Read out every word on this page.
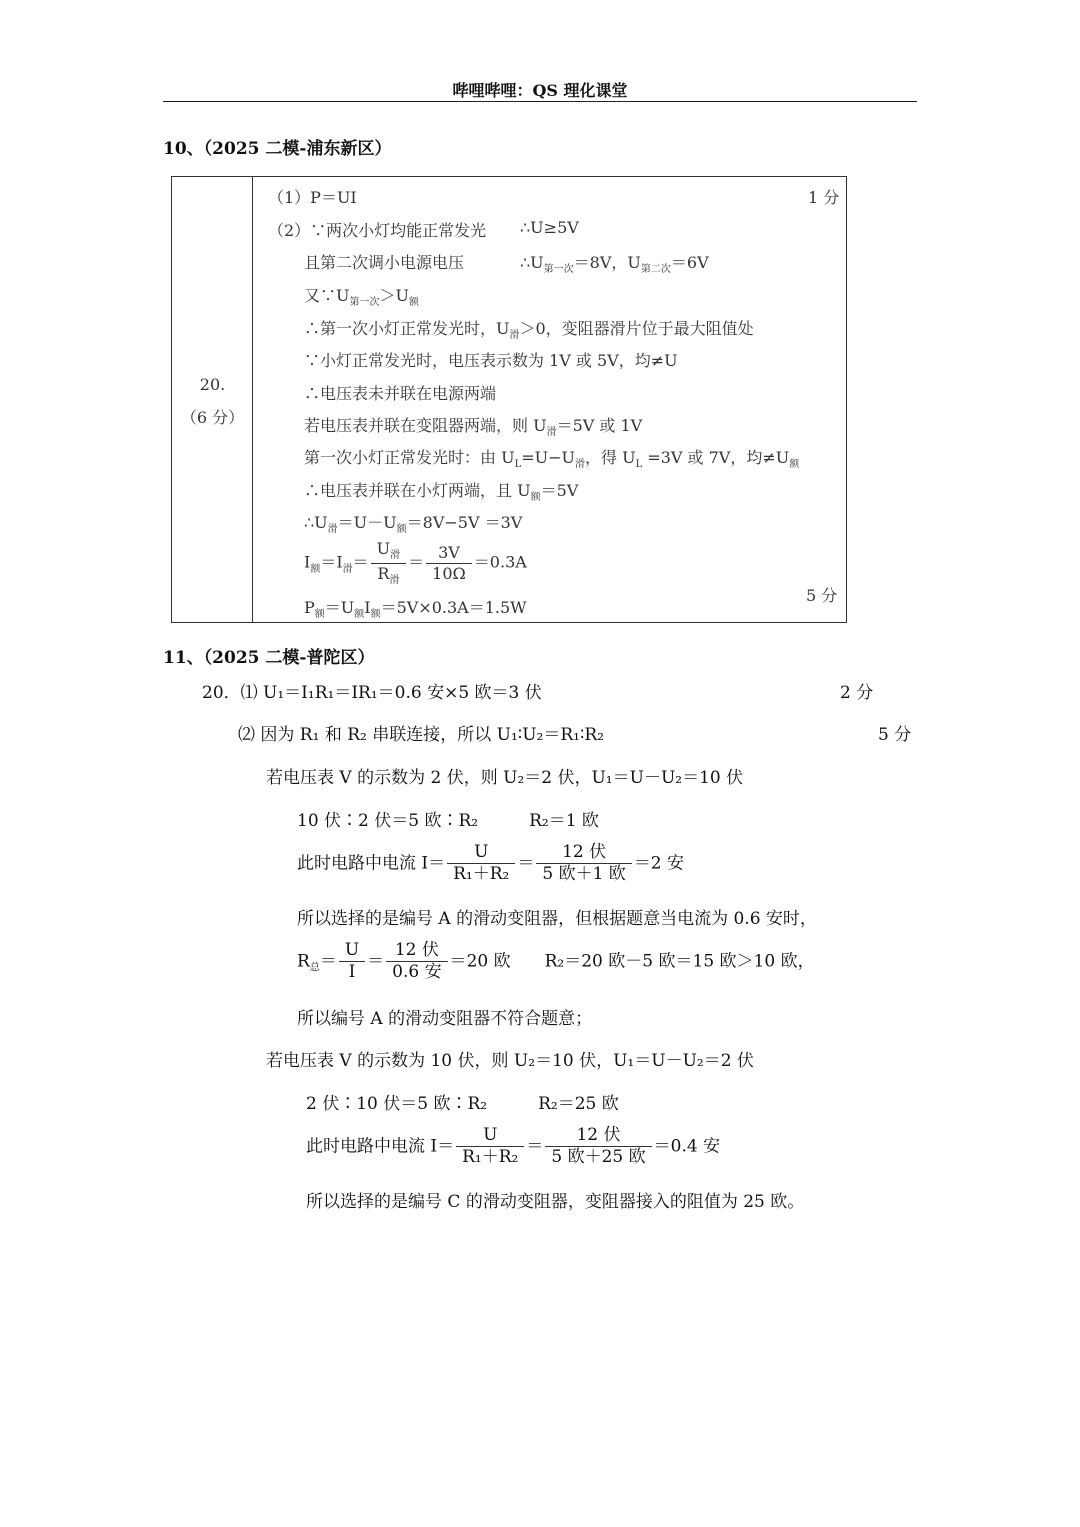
哔哩哔哩：QS 理化课堂
10、（2025 二模-浦东新区）
20.
（6 分）
（1）P＝UI	1 分
（2）∵两次小灯均能正常发光 ∴U≥5V
且第二次调小电源电压	$\therefore U_{第一次}=8V$，$U_{第二次}=6V$
又$\because U_{第一次}>U_额$
∴第一次小灯正常发光时，$U_滑>0$，变阻器滑片位于最大阻值处
∵小灯正常发光时，电压表示数为 1V 或 5V，均≠U
∴电压表未并联在电源两端
若电压表并联在变阻器两端，则 $U_滑=5V$ 或 1V
第一次小灯正常发光时：由 $U_L=U-U_滑$，得 $U_L =3V$ 或 7V，均$\ne U_额$
∴电压表并联在小灯两端，且 $U_额=5V$
$\therefore U_滑=U-U_额=8V-5V =3V$
$I_额=I_滑= \frac{U_滑}{R_滑} = \frac{3V}{10\Omega} =0.3A$
5 分
$P_额=U_额I_额=5V\times 0.3A=1.5W$
11、（2025 二模-普陀区）
20．⑴ U₁＝I₁R₁＝IR₁＝0.6 安×5 欧＝3 伏	2 分
⑵ 因为 R₁ 和 R₂ 串联连接，所以 U₁∶U₂＝R₁∶R₂	5 分
若电压表 V 的示数为 2 伏，则 U₂＝2 伏，U₁＝U－U₂＝10 伏
10 伏∶2 伏＝5 欧∶R₂　　　R₂＝1 欧
此时电路中电流 $I= \frac{U}{\text{R₁＋R₂}} = \frac{\text{12 伏}}{\text{5 欧＋1 欧}} =2$ 安
所以选择的是编号 A 的滑动变阻器，但根据题意当电流为 0.6 安时，
$R_总= \frac{U}{I} = \frac{\text{12 伏}}{\text{0.6 安}} =20$ 欧　　R₂＝20 欧－5 欧＝15 欧＞10 欧，
所以编号 A 的滑动变阻器不符合题意；
若电压表 V 的示数为 10 伏，则 U₂＝10 伏，U₁＝U－U₂＝2 伏
2 伏∶10 伏＝5 欧∶R₂　　　R₂＝25 欧
此时电路中电流 $I= \frac{U}{\text{R₁＋R₂}} = \frac{\text{12 伏}}{\text{5 欧＋25 欧}} =0.4$ 安
所以选择的是编号 C 的滑动变阻器，变阻器接入的阻值为 25 欧。
